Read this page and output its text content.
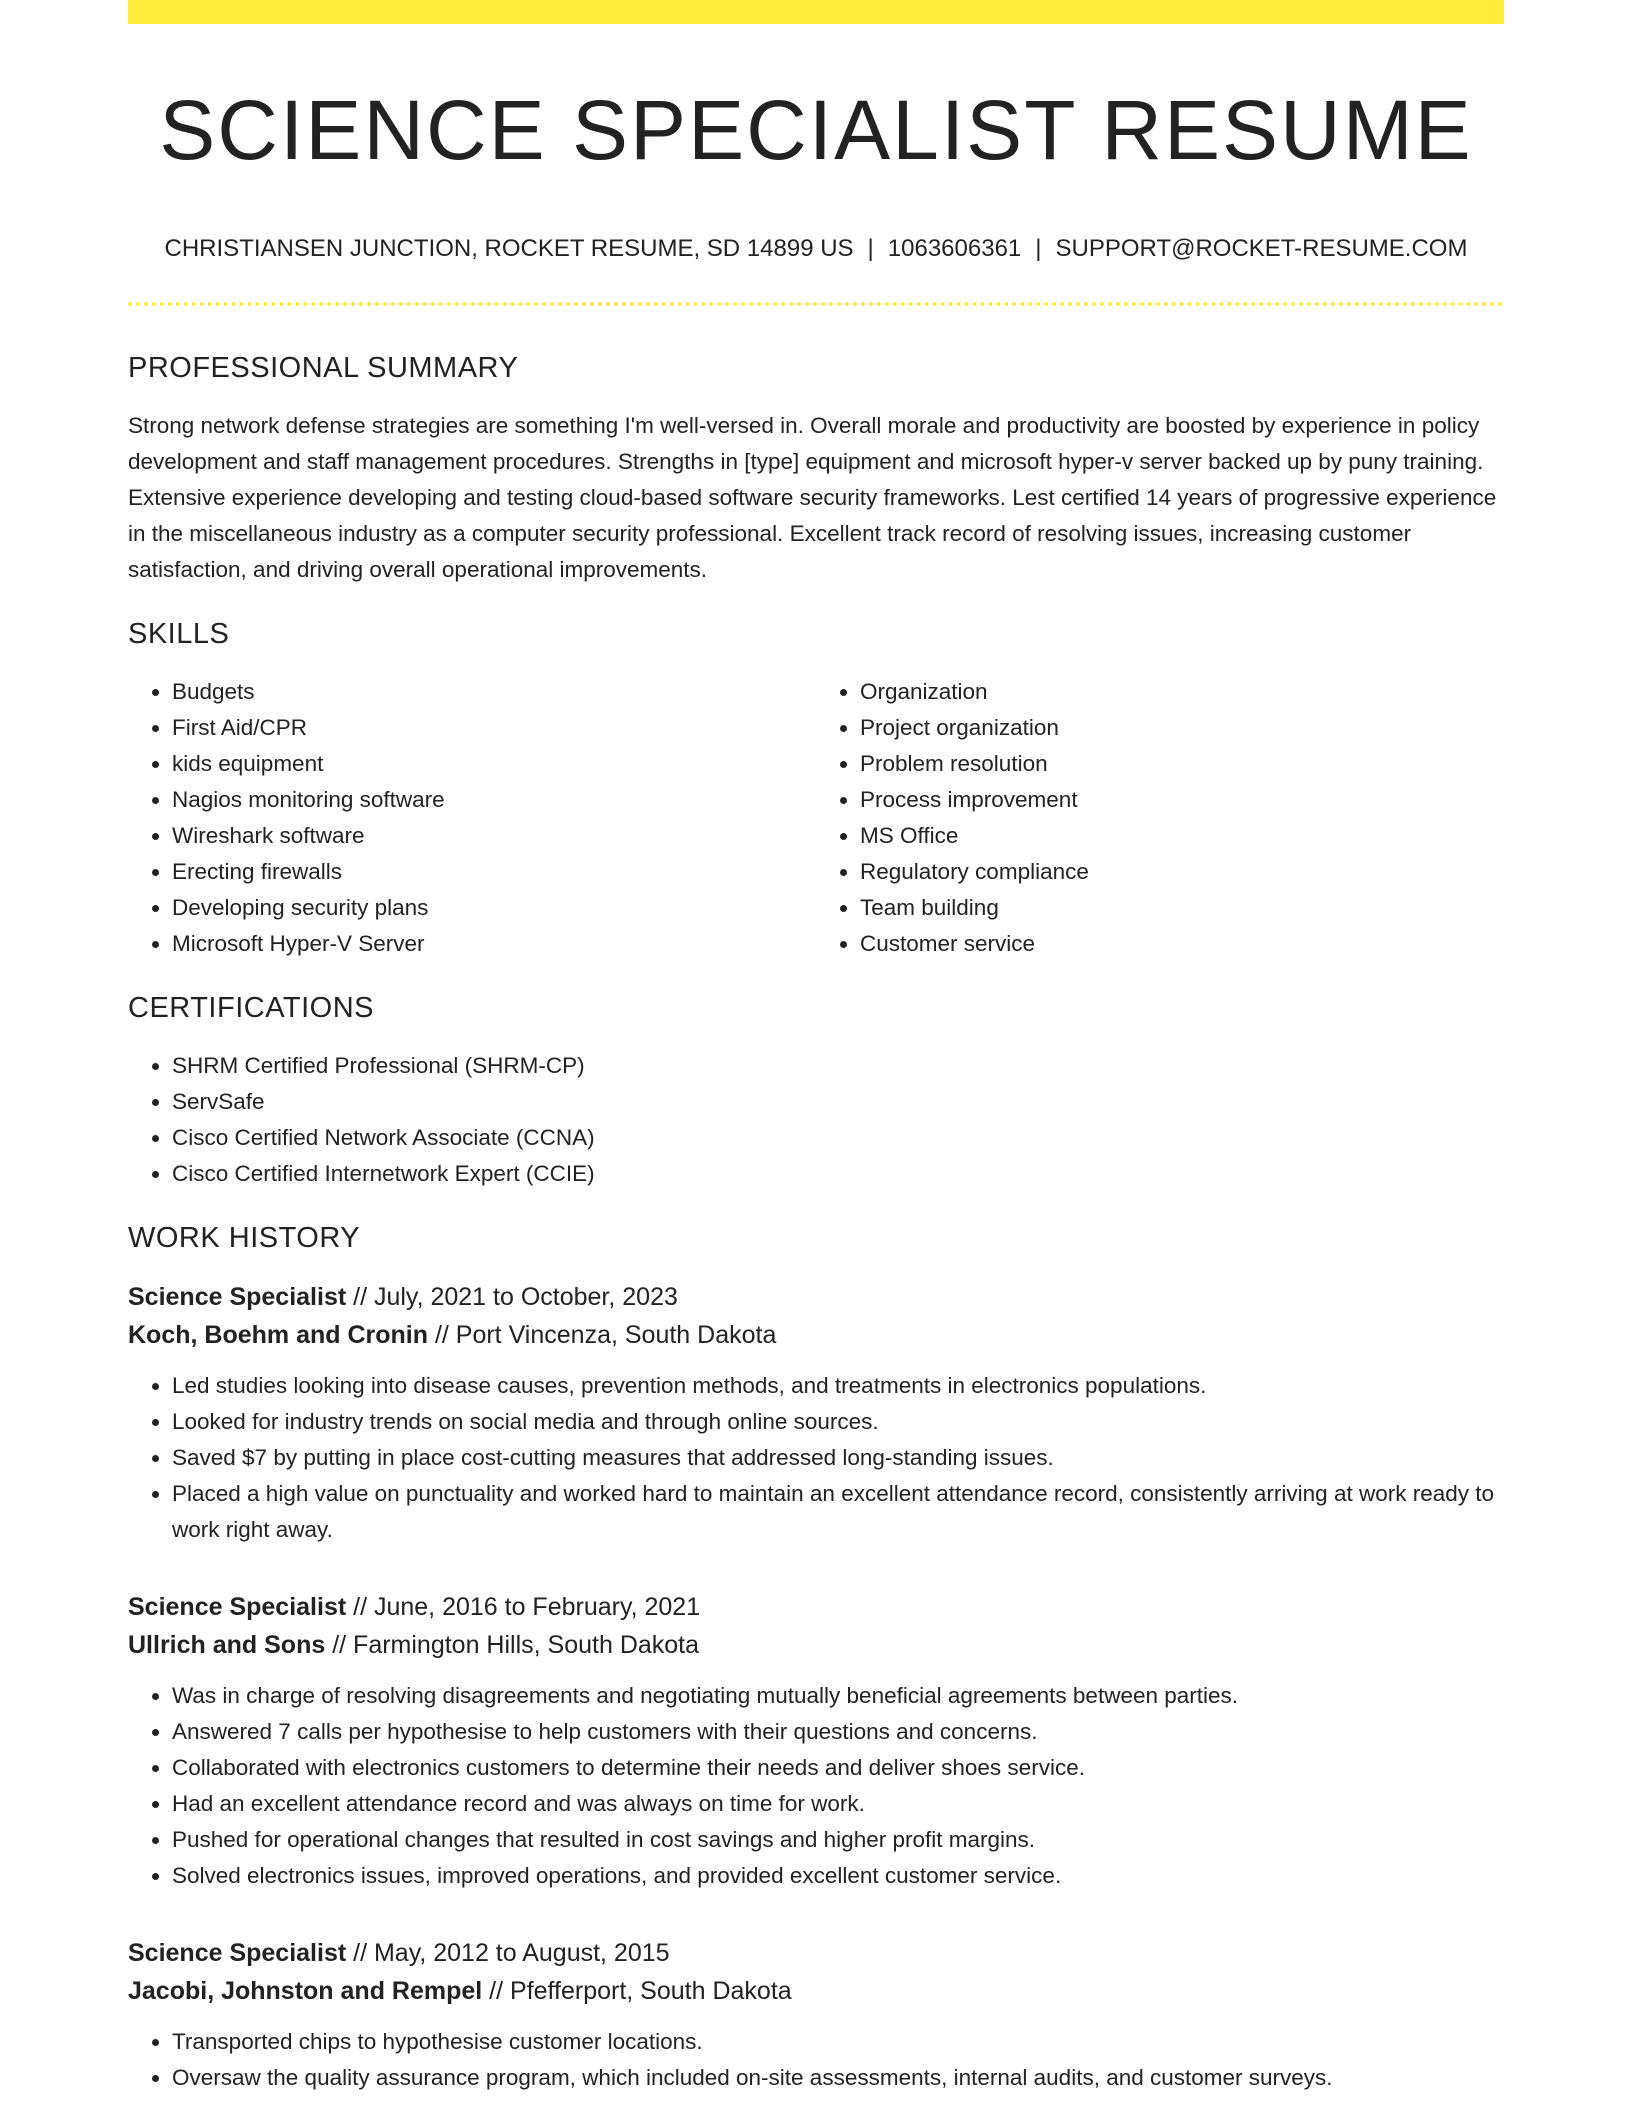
SCIENCE SPECIALIST RESUME
CHRISTIANSEN JUNCTION, ROCKET RESUME, SD 14899 US | 1063606361 | SUPPORT@ROCKET-RESUME.COM
PROFESSIONAL SUMMARY

Strong network defense strategies are something I'm well-versed in. Overall morale and productivity are boosted by experience in policy development and staff management procedures. Strengths in [type] equipment and microsoft hyper-v server backed up by puny training. Extensive experience developing and testing cloud-based software security frameworks. Lest certified 14 years of progressive experience in the miscellaneous industry as a computer security professional. Excellent track record of resolving issues, increasing customer satisfaction, and driving overall operational improvements.

SKILLS
• Budgets
• First Aid/CPR
• kids equipment
• Nagios monitoring software
• Wireshark software
• Erecting firewalls
• Developing security plans
• Microsoft Hyper-V Server
• Organization
• Project organization
• Problem resolution
• Process improvement
• MS Office
• Regulatory compliance
• Team building
• Customer service
CERTIFICATIONS
• SHRM Certified Professional (SHRM-CP)
• ServSafe
• Cisco Certified Network Associate (CCNA)
• Cisco Certified Internetwork Expert (CCIE)
WORK HISTORY
Science Specialist // July, 2021 to October, 2023
Koch, Boehm and Cronin // Port Vincenza, South Dakota
• Led studies looking into disease causes, prevention methods, and treatments in electronics populations.
• Looked for industry trends on social media and through online sources.
• Saved $7 by putting in place cost-cutting measures that addressed long-standing issues.
• Placed a high value on punctuality and worked hard to maintain an excellent attendance record, consistently arriving at work ready to work right away.
Science Specialist // June, 2016 to February, 2021
Ullrich and Sons // Farmington Hills, South Dakota
• Was in charge of resolving disagreements and negotiating mutually beneficial agreements between parties.
• Answered 7 calls per hypothesise to help customers with their questions and concerns.
• Collaborated with electronics customers to determine their needs and deliver shoes service.
• Had an excellent attendance record and was always on time for work.
• Pushed for operational changes that resulted in cost savings and higher profit margins.
• Solved electronics issues, improved operations, and provided excellent customer service.
Science Specialist // May, 2012 to August, 2015
Jacobi, Johnston and Rempel // Pfefferport, South Dakota
• Transported chips to hypothesise customer locations.
• Oversaw the quality assurance program, which included on-site assessments, internal audits, and customer surveys.
